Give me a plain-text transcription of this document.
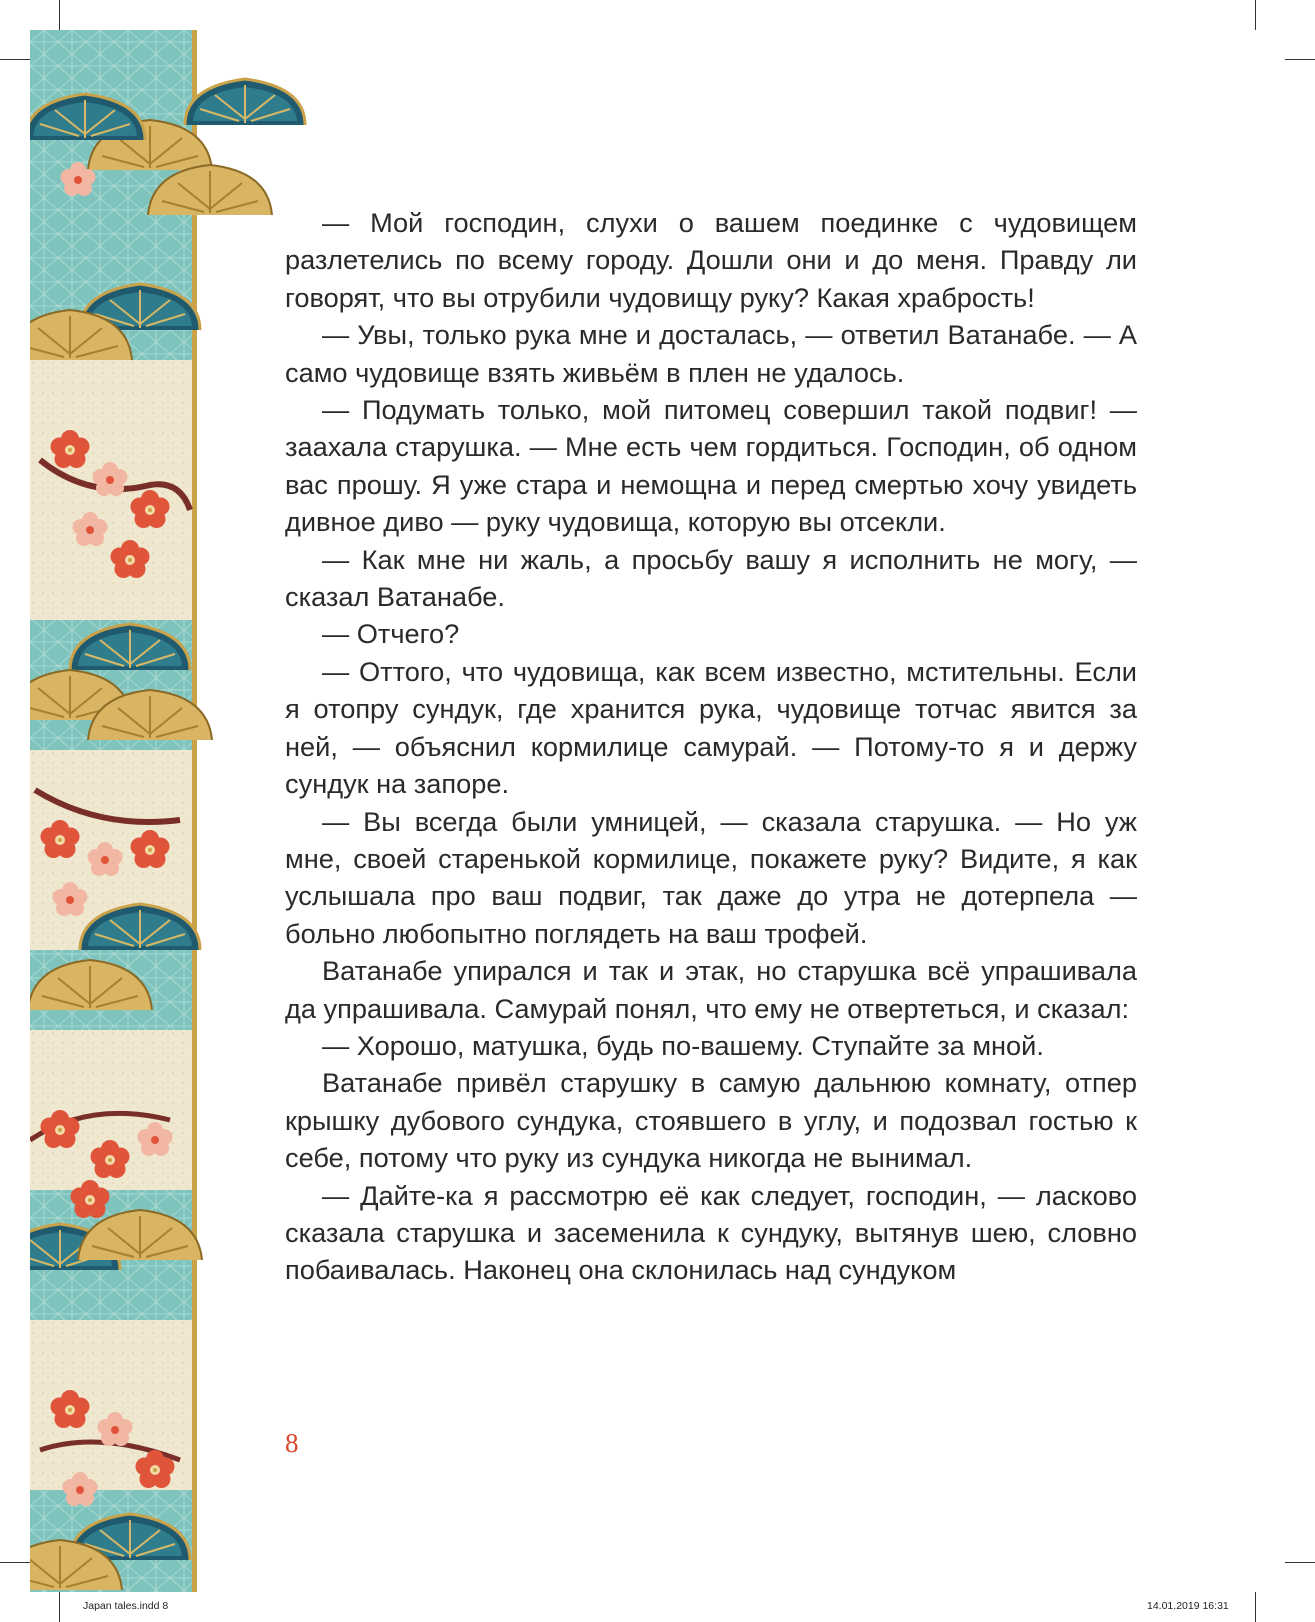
— Мой господин, слухи о вашем поединке с чудовищем разлетелись по всему городу. Дошли они и до меня. Правду ли говорят, что вы отрубили чудовищу руку? Какая храбрость!

— Увы, только рука мне и досталась, — ответил Ватанабе. — А само чудовище взять живьём в плен не удалось.

— Подумать только, мой питомец совершил такой подвиг! — заахала старушка. — Мне есть чем гордиться. Господин, об одном вас прошу. Я уже стара и немощна и перед смертью хочу увидеть дивное диво — руку чудовища, которую вы отсекли.

— Как мне ни жаль, а просьбу вашу я исполнить не могу, — сказал Ватанабе.

— Отчего?

— Оттого, что чудовища, как всем известно, мстительны. Если я отопру сундук, где хранится рука, чудовище тотчас явится за ней, — объяснил кормилице самурай. — Потому-то я и держу сундук на запоре.

— Вы всегда были умницей, — сказала старушка. — Но уж мне, своей старенькой кормилице, покажете руку? Видите, я как услышала про ваш подвиг, так даже до утра не дотерпела — больно любопытно поглядеть на ваш трофей.

Ватанабе упирался и так и этак, но старушка всё упрашивала да упрашивала. Самурай понял, что ему не отвертеться, и сказал:

— Хорошо, матушка, будь по-вашему. Ступайте за мной.

Ватанабе привёл старушку в самую дальнюю комнату, отпер крышку дубового сундука, стоявшего в углу, и подозвал гостью к себе, потому что руку из сундука никогда не вынимал.

— Дайте-ка я рассмотрю её как следует, господин, — ласково сказала старушка и засеменила к сундуку, вытянув шею, словно побаивалась. Наконец она склонилась над сундуком

8
Japan tales.indd 8	14.01.2019 16:31
